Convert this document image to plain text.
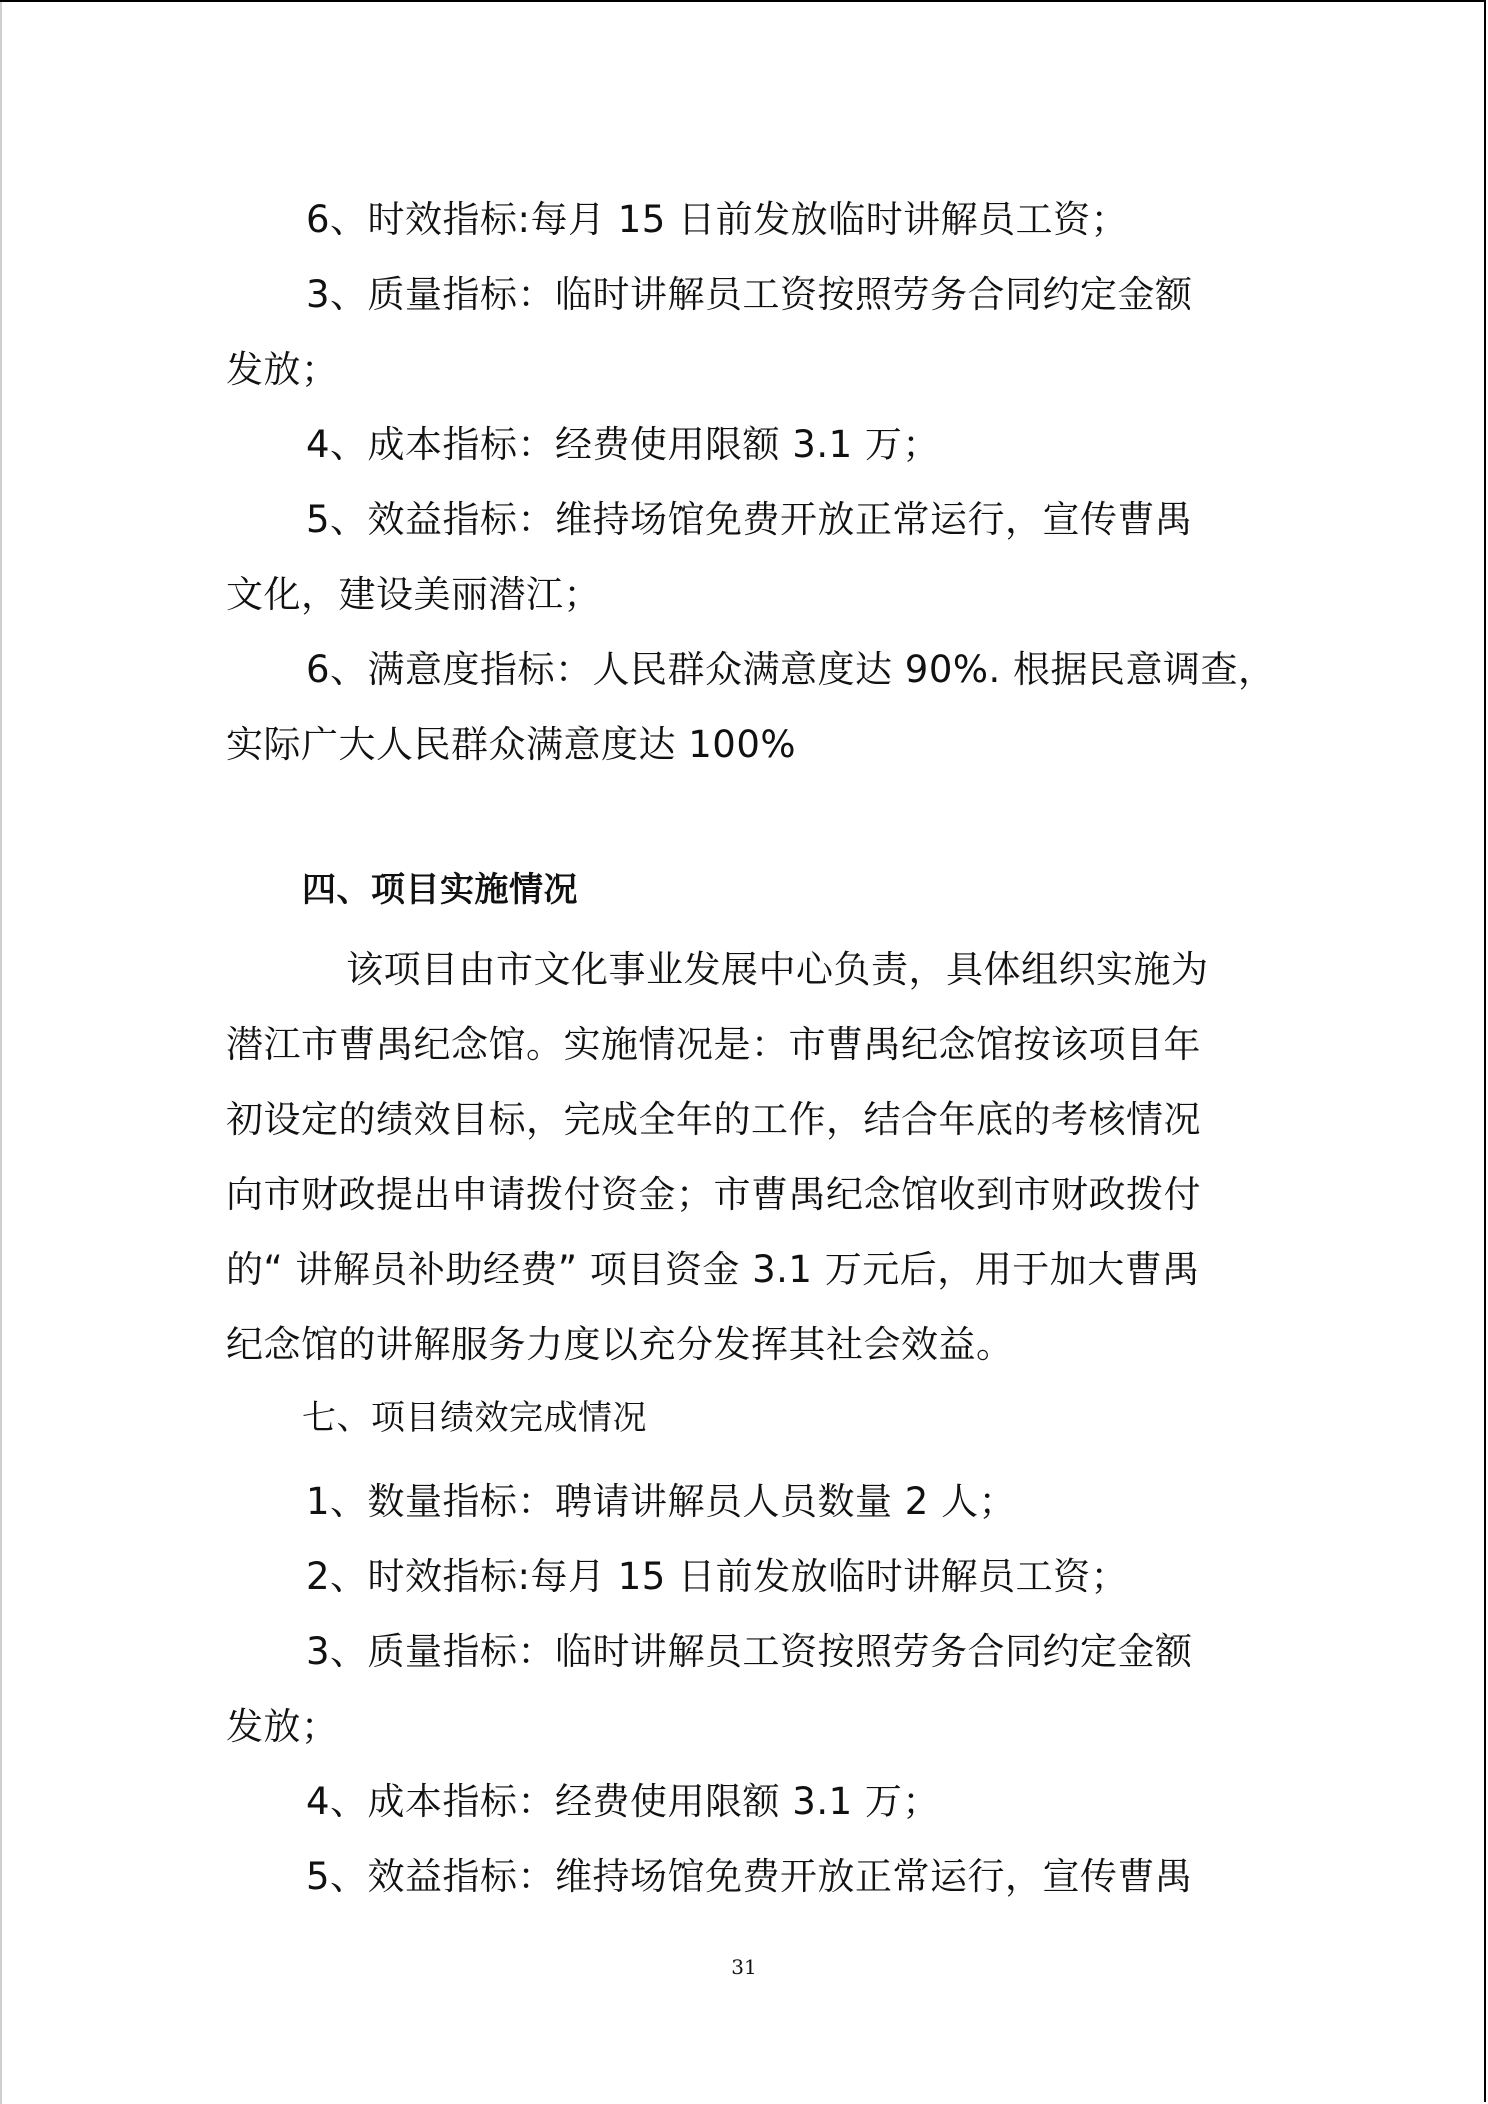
6、时效指标:每月 15 日前发放临时讲解员工资；
3、质量指标：临时讲解员工资按照劳务合同约定金额
发放；
4、成本指标：经费使用限额 3.1 万；
5、效益指标：维持场馆免费开放正常运行，宣传曹禺
文化，建设美丽潜江；
6、满意度指标：人民群众满意度达 90%. 根据民意调查，
实际广大人民群众满意度达 100%
四、项目实施情况
该项目由市文化事业发展中心负责，具体组织实施为
潜江市曹禺纪念馆。实施情况是：市曹禺纪念馆按该项目年
初设定的绩效目标，完成全年的工作，结合年底的考核情况
向市财政提出申请拨付资金；市曹禺纪念馆收到市财政拨付
的“ 讲解员补助经费” 项目资金 3.1 万元后，用于加大曹禺
纪念馆的讲解服务力度以充分发挥其社会效益。
七、项目绩效完成情况
1、数量指标：聘请讲解员人员数量 2 人；
2、时效指标:每月 15 日前发放临时讲解员工资；
3、质量指标：临时讲解员工资按照劳务合同约定金额
发放；
4、成本指标：经费使用限额 3.1 万；
5、效益指标：维持场馆免费开放正常运行，宣传曹禺
31
